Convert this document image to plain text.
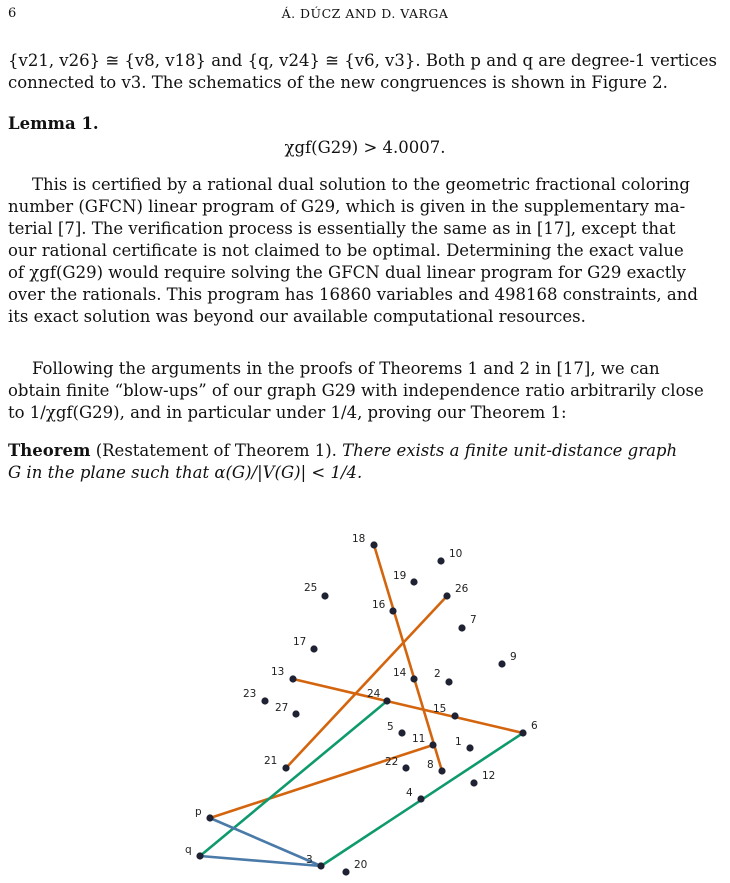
6	Á. DÚCZ AND D. VARGA
{v21, v26} ≅ {v8, v18} and {q, v24} ≅ {v6, v3}. Both p and q are degree-1 vertices
connected to v3. The schematics of the new congruences is shown in Figure 2.
Lemma 1.
χgf(G29) > 4.0007.
This is certified by a rational dual solution to the geometric fractional coloring
number (GFCN) linear program of G29, which is given in the supplementary ma-
terial [7]. The verification process is essentially the same as in [17], except that
our rational certificate is not claimed to be optimal. Determining the exact value
of χgf(G29) would require solving the GFCN dual linear program for G29 exactly
over the rationals. This program has 16860 variables and 498168 constraints, and
its exact solution was beyond our available computational resources.
Following the arguments in the proofs of Theorems 1 and 2 in [17], we can
obtain finite “blow-ups” of our graph G29 with independence ratio arbitrarily close
to 1/χgf(G29), and in particular under 1/4, proving our Theorem 1:
Theorem (Restatement of Theorem 1). There exists a finite unit-distance graph
G in the plane such that α(G)/|V(G)| < 1/4.
18
10
19
26
25
16
7
17
9
13	14	2
23	24
27	15
6
5
11	1
21	22	8
12
4
p
q
3	20
